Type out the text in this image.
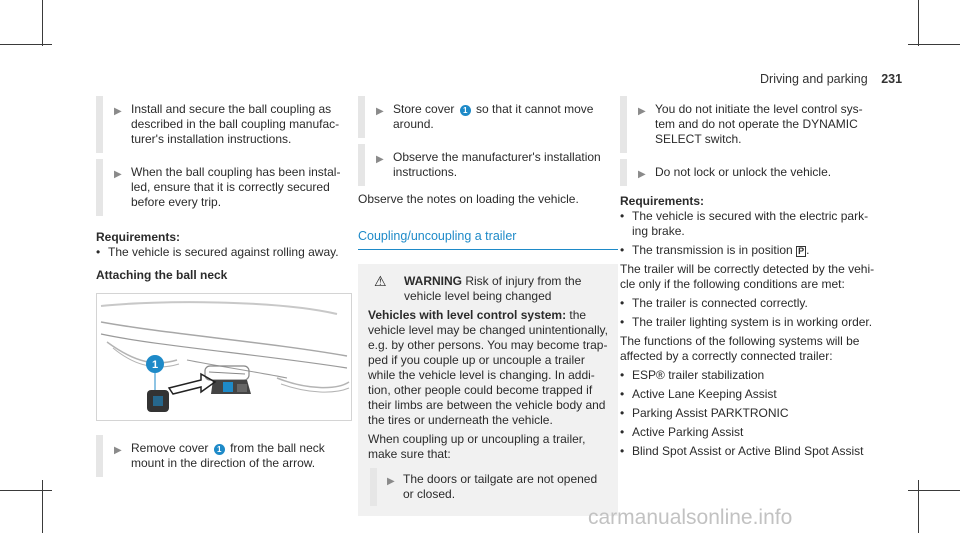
Driving and parking 231
▶ Install and secure the ball coupling as described in the ball coupling manufac-turer's installation instructions.
▶ When the ball coupling has been instal-led, ensure that it is correctly secured before every trip.
Requirements:
• The vehicle is secured against rolling away.
Attaching the ball neck
1
▶ Remove cover 1 from the ball neck mount in the direction of the arrow.
▶ Store cover 1 so that it cannot move around.
▶ Observe the manufacturer's installation instructions.
Observe the notes on loading the vehicle.
Coupling/uncoupling a trailer
⚠ WARNING Risk of injury from the vehicle level being changed
Vehicles with level control system: the vehicle level may be changed unintentionally, e.g. by other persons. You may become trap-ped if you couple up or uncouple a trailer while the vehicle level is changing. In addi-tion, other people could become trapped if their limbs are between the vehicle body and the tires or underneath the vehicle.
When coupling up or uncoupling a trailer, make sure that:
▶ The doors or tailgate are not opened or closed.
▶ You do not initiate the level control sys-tem and do not operate the DYNAMIC SELECT switch.
▶ Do not lock or unlock the vehicle.
Requirements:
• The vehicle is secured with the electric park-ing brake.
• The transmission is in position P .
The trailer will be correctly detected by the vehi-cle only if the following conditions are met:
• The trailer is connected correctly.
• The trailer lighting system is in working order.
The functions of the following systems will be affected by a correctly connected trailer:
• ESP® trailer stabilization
• Active Lane Keeping Assist
• Parking Assist PARKTRONIC
• Active Parking Assist
• Blind Spot Assist or Active Blind Spot Assist
carmanualsonline.info
